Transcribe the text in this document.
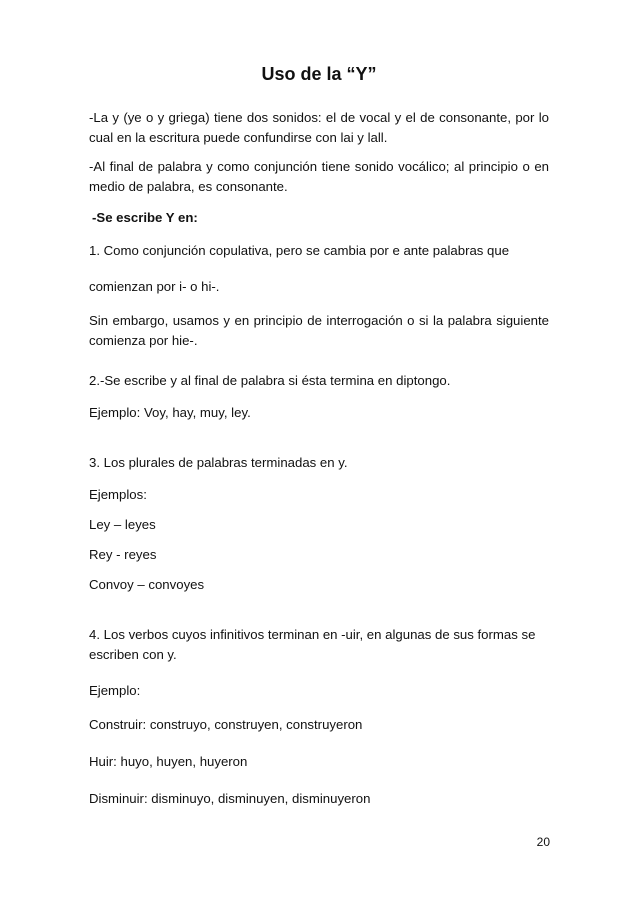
Uso de la “Y”

-La y (ye o y griega) tiene dos sonidos: el de vocal y el de consonante, por lo cual en la escritura puede confundirse con lai y lall.

-Al final de palabra y como conjunción tiene sonido vocálico; al principio o en medio de palabra, es consonante.

-Se escribe Y en:

1. Como conjunción copulativa, pero se cambia por e ante palabras que

comienzan por i- o hi-.

Sin embargo, usamos y en principio de interrogación o si la palabra siguiente comienza por hie-.

2.-Se escribe y al final de palabra si ésta termina en diptongo.

Ejemplo: Voy, hay, muy, ley.

3. Los plurales de palabras terminadas en y.

Ejemplos:

Ley – leyes

Rey - reyes

Convoy – convoyes

4. Los verbos cuyos infinitivos terminan en -uir, en algunas de sus formas se escriben con y.

Ejemplo:

Construir: construyo, construyen, construyeron

Huir: huyo, huyen, huyeron

Disminuir: disminuyo, disminuyen, disminuyeron

20
